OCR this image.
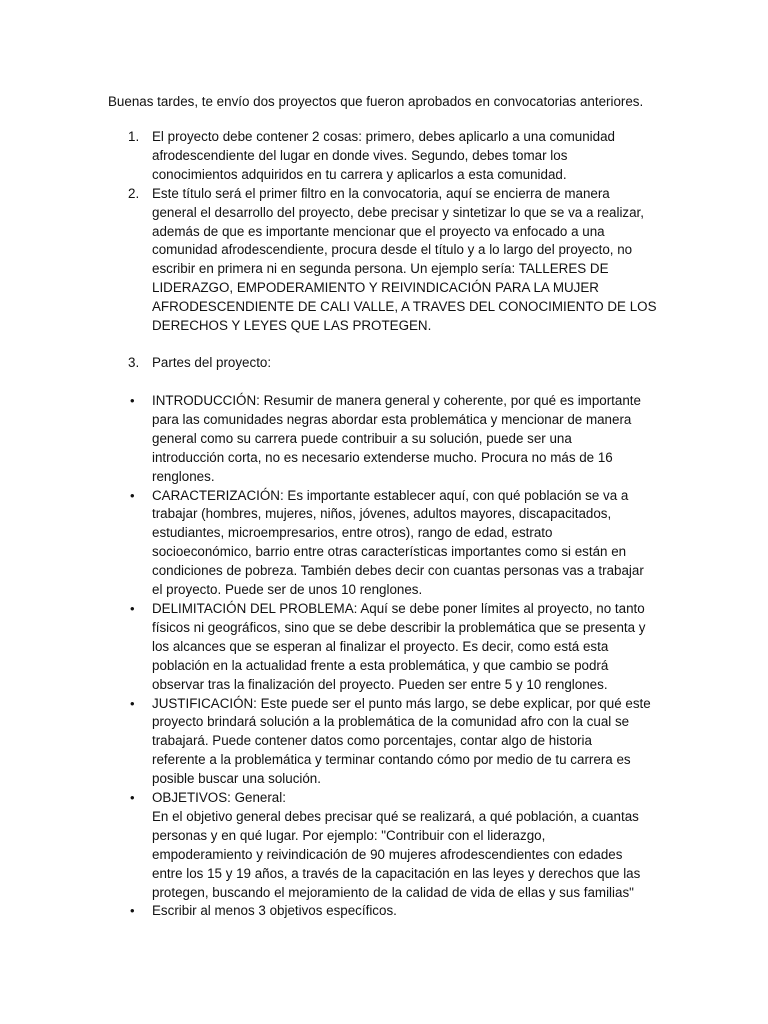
Buenas tardes, te envío dos proyectos que fueron aprobados en convocatorias anteriores.
1. El proyecto debe contener 2 cosas: primero, debes aplicarlo a una comunidad
afrodescendiente del lugar en donde vives. Segundo, debes tomar los
conocimientos adquiridos en tu carrera y aplicarlos a esta comunidad.
2. Este título será el primer filtro en la convocatoria, aquí se encierra de manera
general el desarrollo del proyecto, debe precisar y sintetizar lo que se va a realizar,
además de que es importante mencionar que el proyecto va enfocado a una
comunidad afrodescendiente, procura desde el título y a lo largo del proyecto, no
escribir en primera ni en segunda persona. Un ejemplo sería: TALLERES DE
LIDERAZGO, EMPODERAMIENTO Y REIVINDICACIÓN PARA LA MUJER
AFRODESCENDIENTE DE CALI VALLE, A TRAVES DEL CONOCIMIENTO DE LOS
DERECHOS Y LEYES QUE LAS PROTEGEN.
3. Partes del proyecto:
• INTRODUCCIÓN: Resumir de manera general y coherente, por qué es importante
para las comunidades negras abordar esta problemática y mencionar de manera
general como su carrera puede contribuir a su solución, puede ser una
introducción corta, no es necesario extenderse mucho. Procura no más de 16
renglones.
• CARACTERIZACIÓN: Es importante establecer aquí, con qué población se va a
trabajar (hombres, mujeres, niños, jóvenes, adultos mayores, discapacitados,
estudiantes, microempresarios, entre otros), rango de edad, estrato
socioeconómico, barrio entre otras características importantes como si están en
condiciones de pobreza. También debes decir con cuantas personas vas a trabajar
el proyecto. Puede ser de unos 10 renglones.
• DELIMITACIÓN DEL PROBLEMA: Aquí se debe poner límites al proyecto, no tanto
físicos ni geográficos, sino que se debe describir la problemática que se presenta y
los alcances que se esperan al finalizar el proyecto. Es decir, como está esta
población en la actualidad frente a esta problemática, y que cambio se podrá
observar tras la finalización del proyecto. Pueden ser entre 5 y 10 renglones.
• JUSTIFICACIÓN: Este puede ser el punto más largo, se debe explicar, por qué este
proyecto brindará solución a la problemática de la comunidad afro con la cual se
trabajará. Puede contener datos como porcentajes, contar algo de historia
referente a la problemática y terminar contando cómo por medio de tu carrera es
posible buscar una solución.
• OBJETIVOS: General:
En el objetivo general debes precisar qué se realizará, a qué población, a cuantas
personas y en qué lugar. Por ejemplo: "Contribuir con el liderazgo,
empoderamiento y reivindicación de 90 mujeres afrodescendientes con edades
entre los 15 y 19 años, a través de la capacitación en las leyes y derechos que las
protegen, buscando el mejoramiento de la calidad de vida de ellas y sus familias"
• Escribir al menos 3 objetivos específicos.
